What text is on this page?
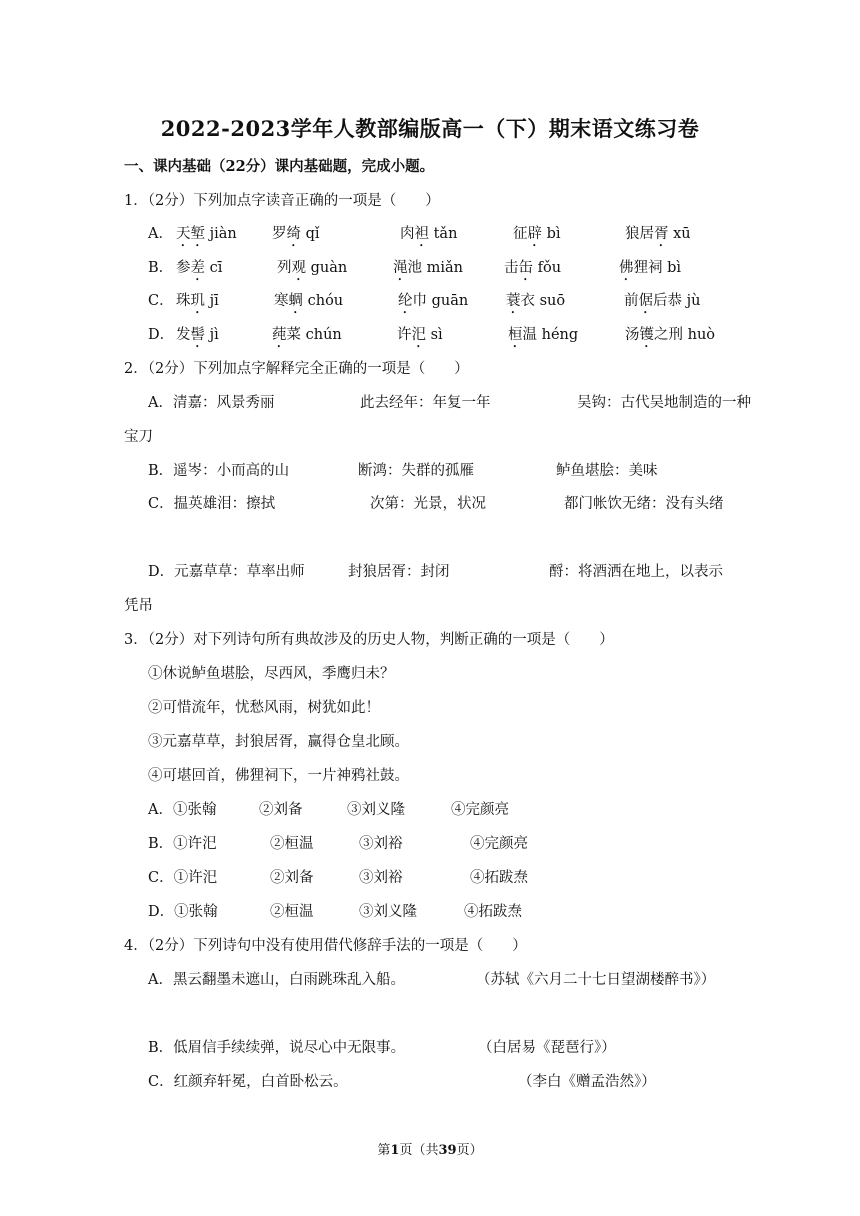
2022-2023学年人教部编版高一（下）期末语文练习卷
一、课内基础（22分）课内基础题，完成小题。
1．（2分）下列加点字读音正确的一项是（　　）
A． 天堑 jiàn 罗绮 qǐ	肉袒 tǎn	征辟 bì	狼居胥 xū
B． 参差 cī	列观 guàn	渑池 miǎn	击缶 fǒu	佛狸祠 bì
C． 珠玑 jī	寒蜩 chóu	纶巾 guān	蓑衣 suō	前倨后恭 jù
D． 发髻 jì	莼菜 chún	许汜 sì	桓温 héng	汤镬之刑 huò
2．（2分）下列加点字解释完全正确的一项是（　　）
A．清嘉：风景秀丽	此去经年：年复一年	吴钩：古代吴地制造的一种
宝刀
B．遥岑：小而高的山	断鸿：失群的孤雁	鲈鱼堪脍：美味
C．揾英雄泪：擦拭	次第：光景，状况	都门帐饮无绪：没有头绪
D．元嘉草草：草率出师	封狼居胥：封闭	酹：将酒洒在地上，以表示
凭吊
3．（2分）对下列诗句所有典故涉及的历史人物，判断正确的一项是（　　）
①休说鲈鱼堪脍，尽西风，季鹰归未？
②可惜流年，忧愁风雨，树犹如此！
③元嘉草草，封狼居胥，赢得仓皇北顾。
④可堪回首，佛狸祠下，一片神鸦社鼓。
A．①张翰	②刘备	③刘义隆	④完颜亮
B．①许汜	②桓温	③刘裕	④完颜亮
C．①许汜	②刘备	③刘裕	④拓跋焘
D．①张翰	②桓温	③刘义隆	④拓跋焘
4．（2分）下列诗句中没有使用借代修辞手法的一项是（　　）
A．黑云翻墨未遮山，白雨跳珠乱入船。	（苏轼《六月二十七日望湖楼醉书》）
B．低眉信手续续弹，说尽心中无限事。	（白居易《琵琶行》）
C．红颜弃轩冕，白首卧松云。	（李白《赠孟浩然》）
第1页（共39页）
